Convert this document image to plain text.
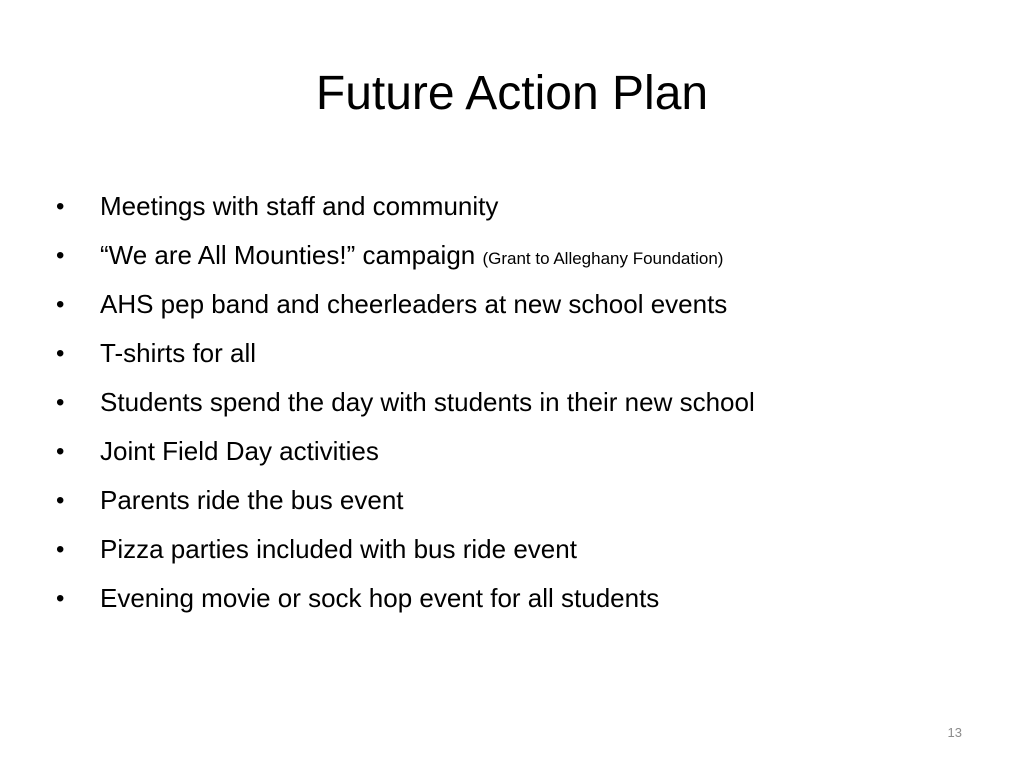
Future Action Plan
•	Meetings with staff and community
•	“We are All Mounties!” campaign (Grant to Alleghany Foundation)
•	AHS pep band and cheerleaders at new school events
•	T-shirts for all
•	Students spend the day with students in their new school
•	Joint Field Day activities
•	Parents ride the bus event
•	Pizza parties included with bus ride event
•	Evening movie or sock hop event for all students
13
